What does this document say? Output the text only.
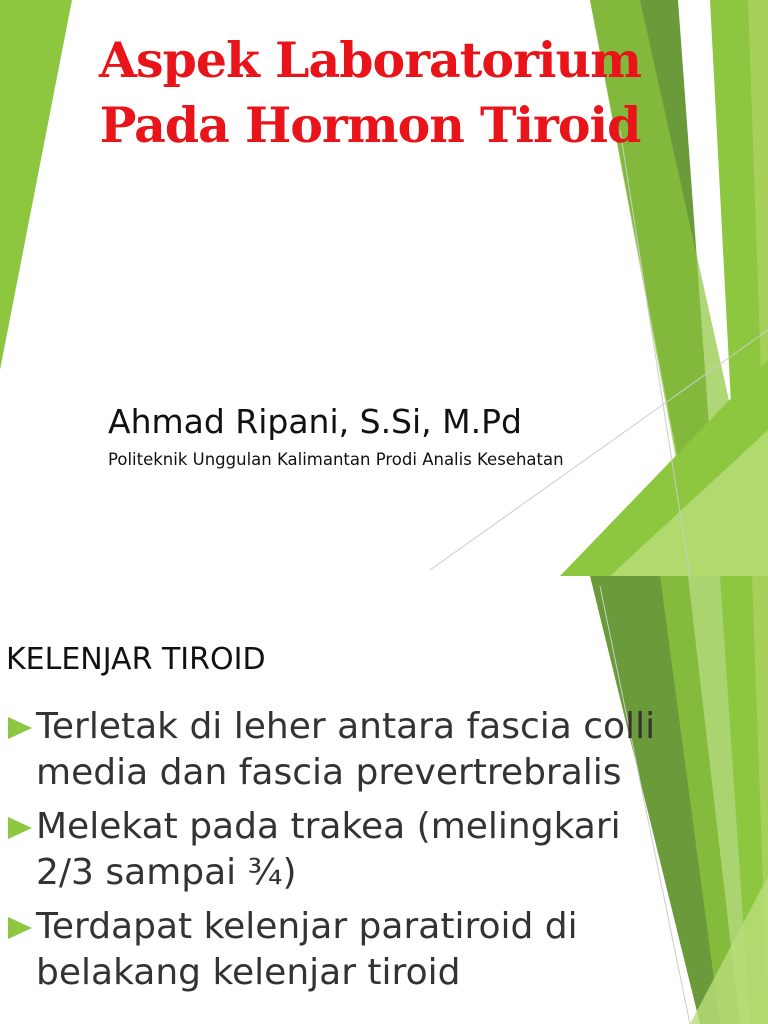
Aspek Laboratorium
Pada Hormon Tiroid
Ahmad Ripani, S.Si, M.Pd
Politeknik Unggulan Kalimantan Prodi Analis Kesehatan
KELENJAR TIROID
Terletak di leher antara fascia colli media dan fascia prevertrebralis
Melekat pada trakea (melingkari 2/3 sampai ¾)
Terdapat kelenjar paratiroid di belakang kelenjar tiroid
